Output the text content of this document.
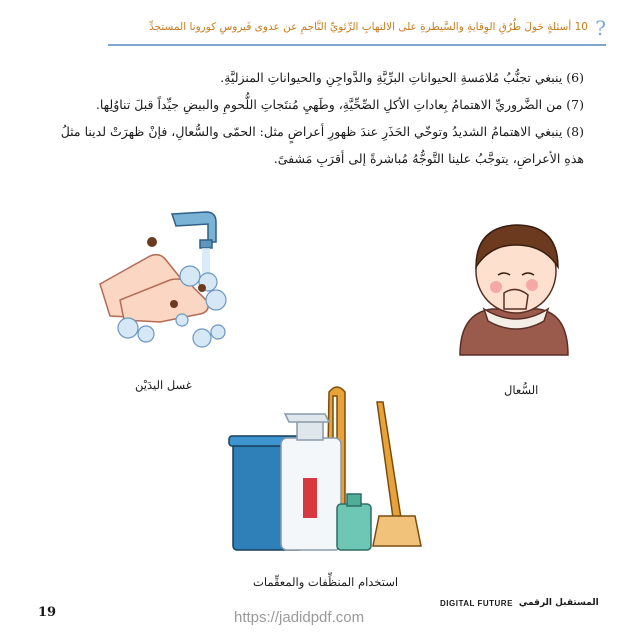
?
10 أسئلةٍ حَولَ طُرُقِ الوِقايةِ والسَّيطرةِ على الالتهابِ الرِّئويِّ النَّاجمِ عن عدوى فَيروسِ كورونا المستجدِّ

(6) ينبغي تجنُّبُ مُلامَسةِ الحيواناتِ البرِّيَّةِ والدَّواجِنِ والحيواناتِ المنزليَّةِ.

(7) من الضَّروريِّ الاهتمامُ بِعاداتِ الأكلِ الصِّحِّيَّةِ، وطَهيِ مُنتَجاتِ اللُّحومِ والبيضِ جيِّداً قبلَ تناوُلِها.

(8) ينبغي الاهتمامُ الشديدُ وتوخّي الحَذَرِ عندَ ظهورِ أعراضٍ مثل: الحمّى والسُّعالِ، فإنْ ظهرَتْ لدينا مثلُ هذهِ الأعراضِ، يتوجَّبُ علينا التَّوجُّهُ مُباشرةً إلى أقرَبِ مَشفىً.

غسل اليدَيْن	السُّعال
استخدام المنظِّفات والمعقِّمات
19
DIGITAL FUTURE المستقبل الرقمي
https://jadidpdf.com
